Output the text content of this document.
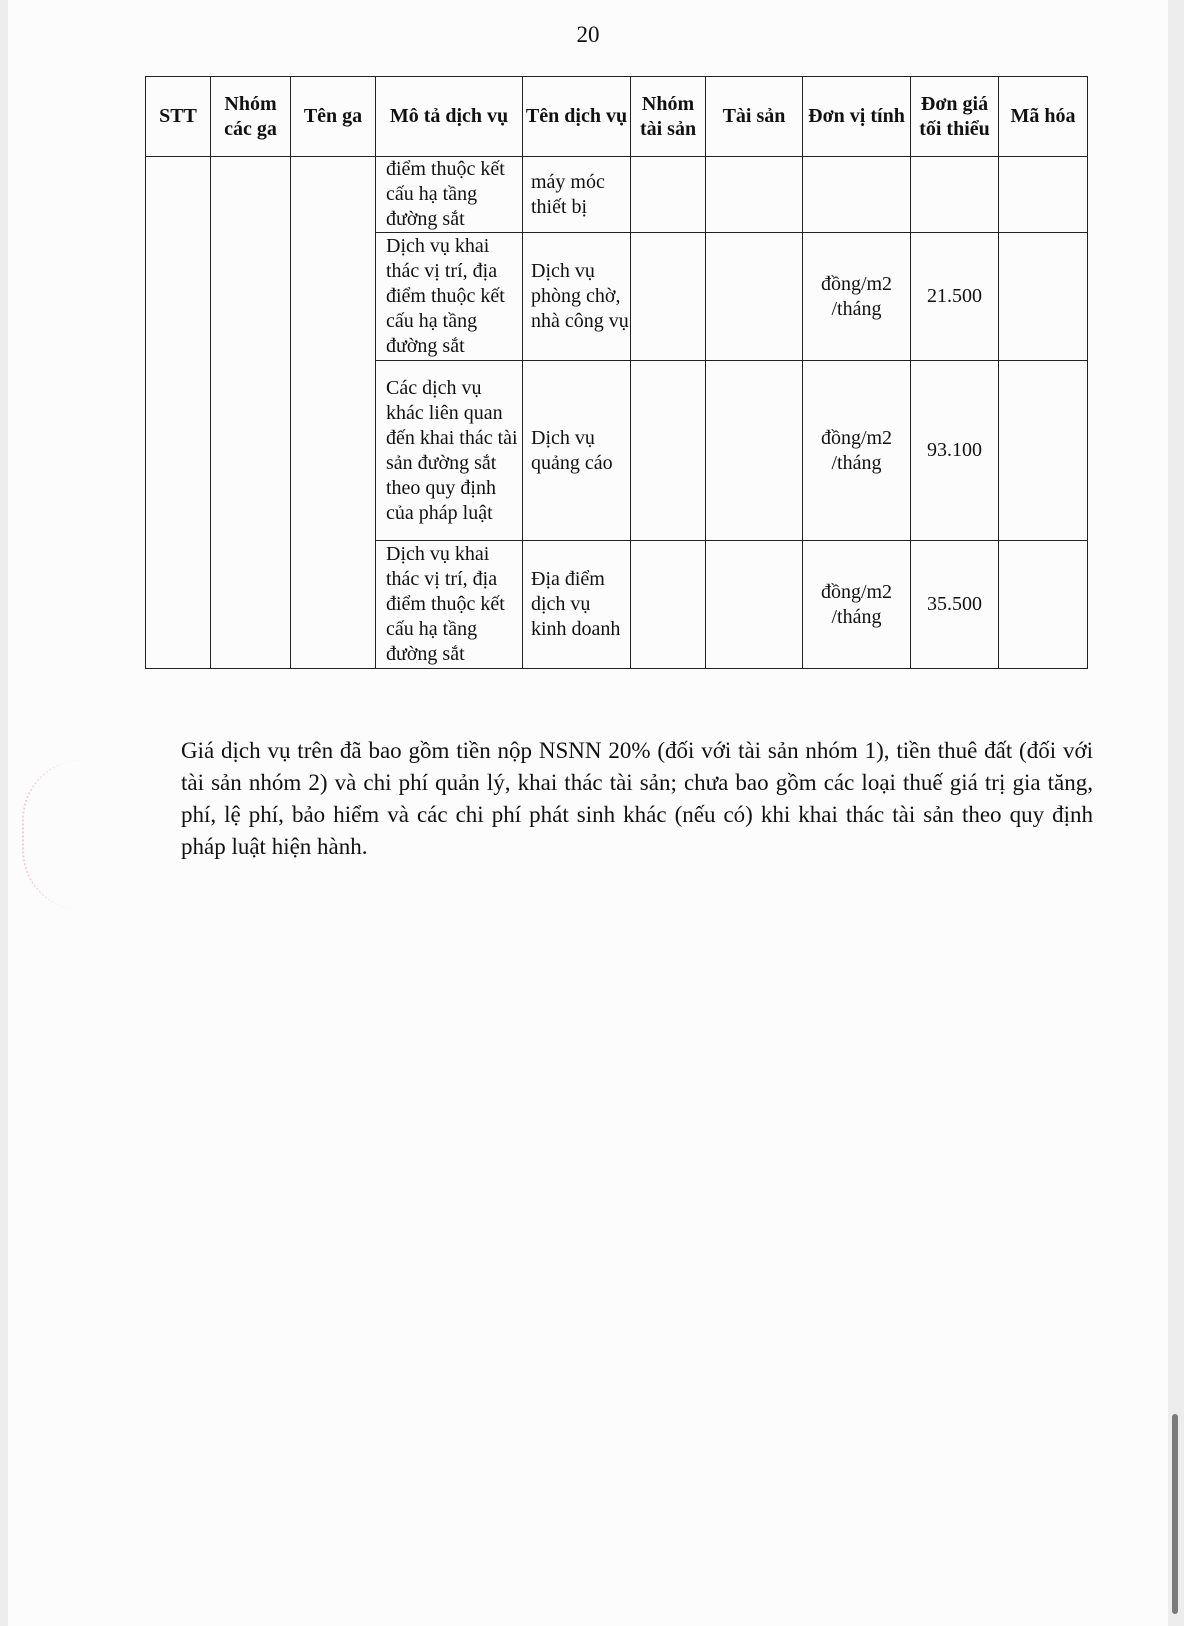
20
STT	Nhóm các ga	Tên ga	Mô tả dịch vụ	Tên dịch vụ	Nhóm tài sản	Tài sản	Đơn vị tính	Đơn giá tối thiểu	Mã hóa
			điểm thuộc kết cấu hạ tầng đường sắt	máy móc thiết bị					
			Dịch vụ khai thác vị trí, địa điểm thuộc kết cấu hạ tầng đường sắt	Dịch vụ phòng chờ, nhà công vụ			đồng/m2 /tháng	21.500	
			Các dịch vụ khác liên quan đến khai thác tài sản đường sắt theo quy định của pháp luật	Dịch vụ quảng cáo			đồng/m2 /tháng	93.100	
			Dịch vụ khai thác vị trí, địa điểm thuộc kết cấu hạ tầng đường sắt	Địa điểm dịch vụ kinh doanh			đồng/m2 /tháng	35.500	

Giá dịch vụ trên đã bao gồm tiền nộp NSNN 20% (đối với tài sản nhóm 1), tiền thuê đất (đối với tài sản nhóm 2) và chi phí quản lý, khai thác tài sản; chưa bao gồm các loại thuế giá trị gia tăng, phí, lệ phí, bảo hiểm và các chi phí phát sinh khác (nếu có) khi khai thác tài sản theo quy định pháp luật hiện hành.
